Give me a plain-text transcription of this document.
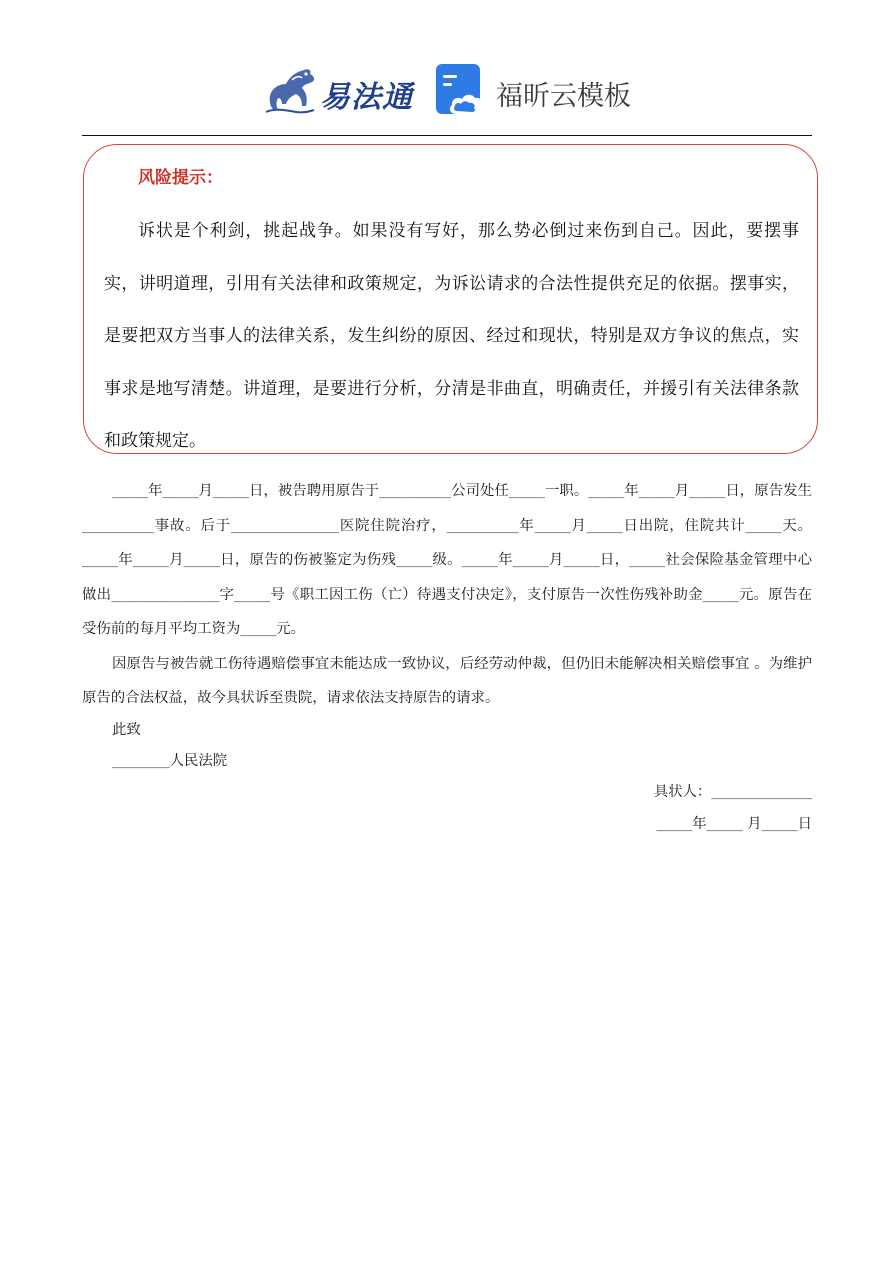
易法通	福昕云模板
风险提示：
诉状是个利剑，挑起战争。如果没有写好，那么势必倒过来伤到自己。因此，要摆事实，讲明道理，引用有关法律和政策规定，为诉讼请求的合法性提供充足的依据。摆事实，是要把双方当事人的法律关系，发生纠纷的原因、经过和现状，特别是双方争议的焦点，实事求是地写清楚。讲道理，是要进行分析，分清是非曲直，明确责任，并援引有关法律条款和政策规定。

_____年_____月_____日，被告聘用原告于__________公司处任_____一职。_____年_____月_____日，原告发生__________事故。后于_______________医院住院治疗，__________年_____月_____日出院，住院共计_____天。_____年_____月_____日，原告的伤被鉴定为伤残_____级。_____年_____月_____日，_____社会保险基金管理中心做出_______________字_____号《职工因工伤（亡）待遇支付决定》，支付原告一次性伤残补助金_____元。原告在受伤前的每月平均工资为_____元。

因原告与被告就工伤待遇赔偿事宜未能达成一致协议，后经劳动仲裁，但仍旧未能解决相关赔偿事宜 。为维护原告的合法权益，故今具状诉至贵院，请求依法支持原告的请求。

此致
________人民法院
具状人：______________
_____年_____ 月_____日
